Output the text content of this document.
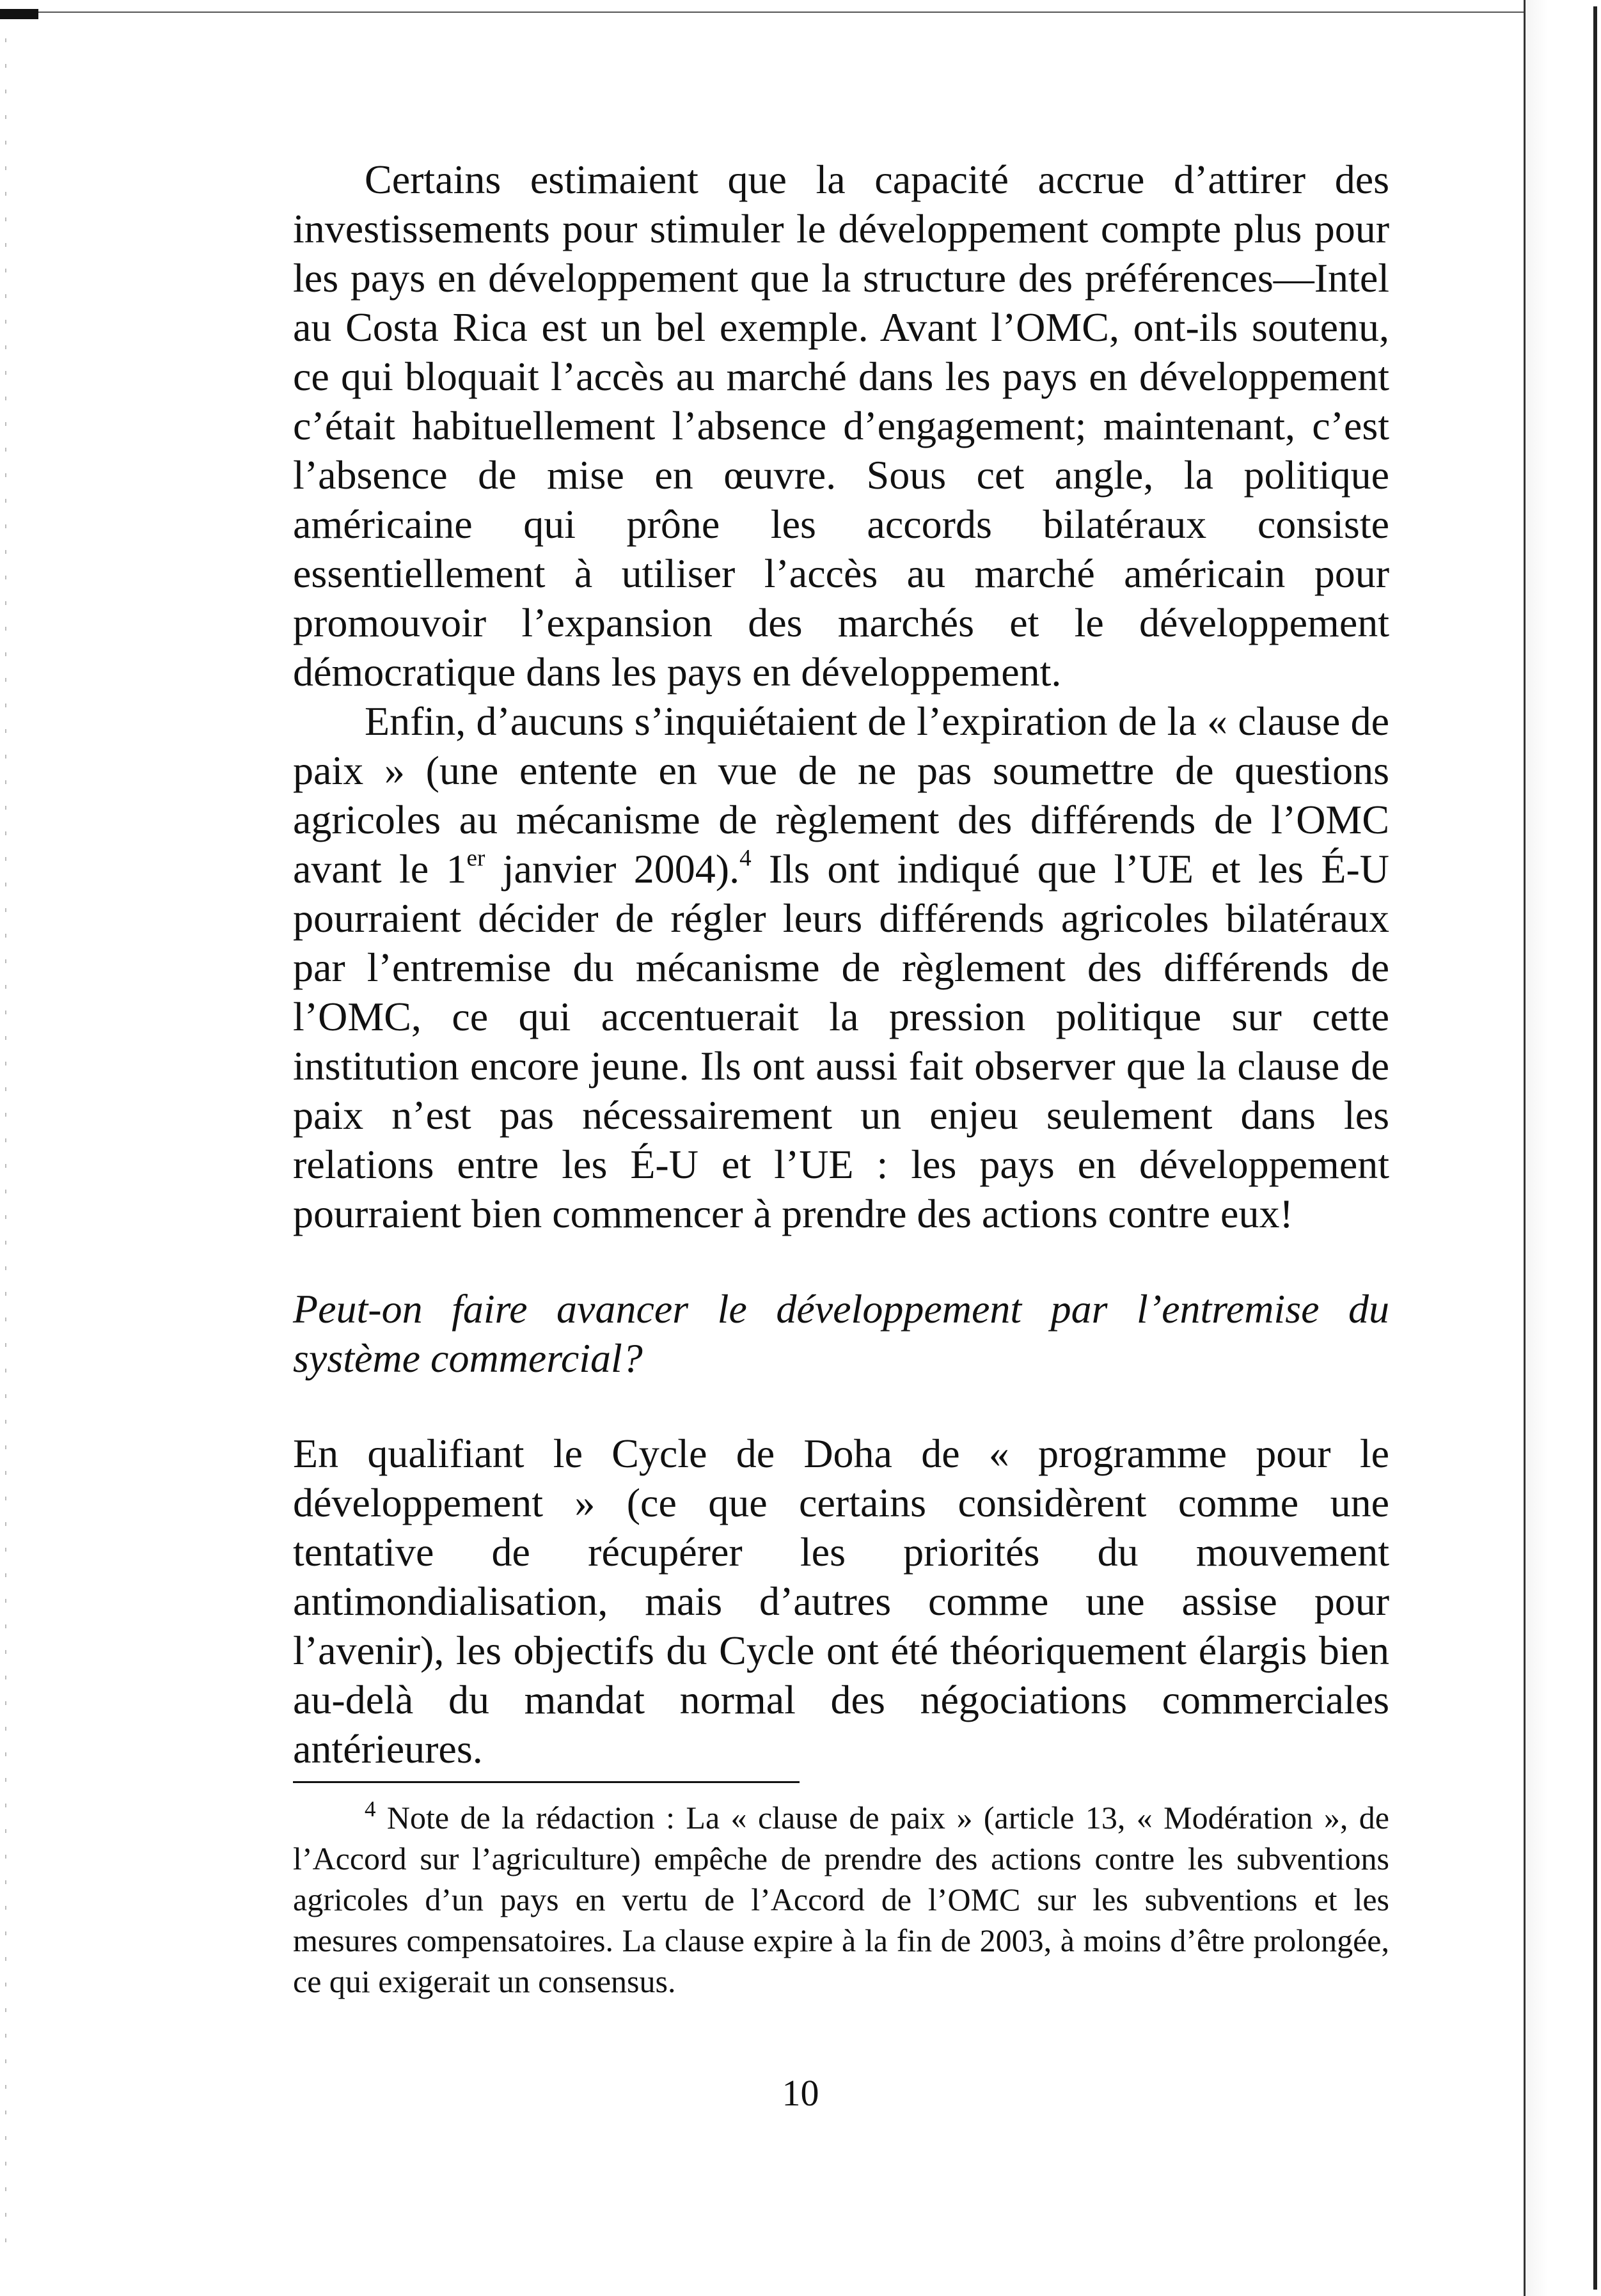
Certains estimaient que la capacité accrue d’attirer des investissements pour stimuler le développement compte plus pour les pays en développement que la structure des préférences—Intel au Costa Rica est un bel exemple. Avant l’OMC, ont-ils soutenu, ce qui bloquait l’accès au marché dans les pays en développement c’était habituellement l’absence d’engagement; maintenant, c’est l’absence de mise en œuvre. Sous cet angle, la politique américaine qui prône les accords bilatéraux consiste essentiellement à utiliser l’accès au marché américain pour promouvoir l’expansion des marchés et le développement démocratique dans les pays en développement.

Enfin, d’aucuns s’inquiétaient de l’expiration de la « clause de paix » (une entente en vue de ne pas soumettre de questions agricoles au mécanisme de règlement des différends de l’OMC avant le 1er janvier 2004).$^4$ Ils ont indiqué que l’UE et les É-U pourraient décider de régler leurs différends agricoles bilatéraux par l’entremise du mécanisme de règlement des différends de l’OMC, ce qui accentuerait la pression politique sur cette institution encore jeune. Ils ont aussi fait observer que la clause de paix n’est pas nécessairement un enjeu seulement dans les relations entre les É-U et l’UE : les pays en développement pourraient bien commencer à prendre des actions contre eux!

Peut-on faire avancer le développement par l’entremise du système commercial?

En qualifiant le Cycle de Doha de « programme pour le développement » (ce que certains considèrent comme une tentative de récupérer les priorités du mouvement antimondialisation, mais d’autres comme une assise pour l’avenir), les objectifs du Cycle ont été théoriquement élargis bien au-delà du mandat normal des négociations commerciales antérieures.

$^4$ Note de la rédaction : La « clause de paix » (article 13, « Modération », de l’Accord sur l’agriculture) empêche de prendre des actions contre les subventions agricoles d’un pays en vertu de l’Accord de l’OMC sur les subventions et les mesures compensatoires. La clause expire à la fin de 2003, à moins d’être prolongée, ce qui exigerait un consensus.

10
